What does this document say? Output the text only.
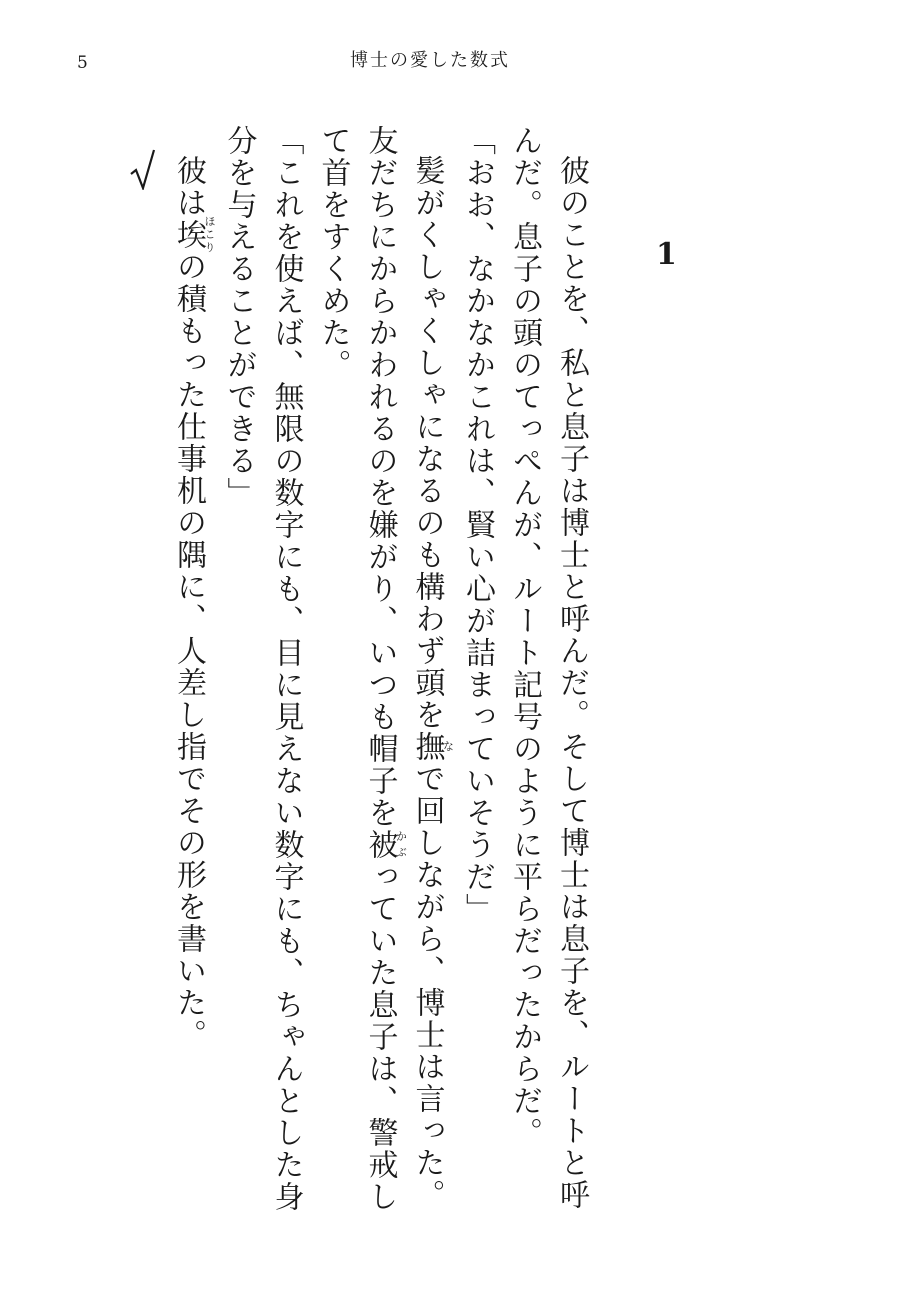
5	博士の愛した数式
1

彼のことを、私と息子は博士と呼んだ。そして博士は息子を、ルートと呼んだ。息子の頭のてっぺんが、ルート記号のように平らだったからだ。

「おお、なかなかこれは、賢い心が詰まっていそうだ」

髪がくしゃくしゃになるのも構わず頭を撫なで回しながら、博士は言った。友だちにからかわれるのを嫌がり、いつも帽子を被かぶっていた息子は、警戒して首をすくめた。

「これを使えば、無限の数字にも、目に見えない数字にも、ちゃんとした身分を与えることができる」

彼は埃ほこりの積もった仕事机の隅に、人差し指でその形を書いた。
